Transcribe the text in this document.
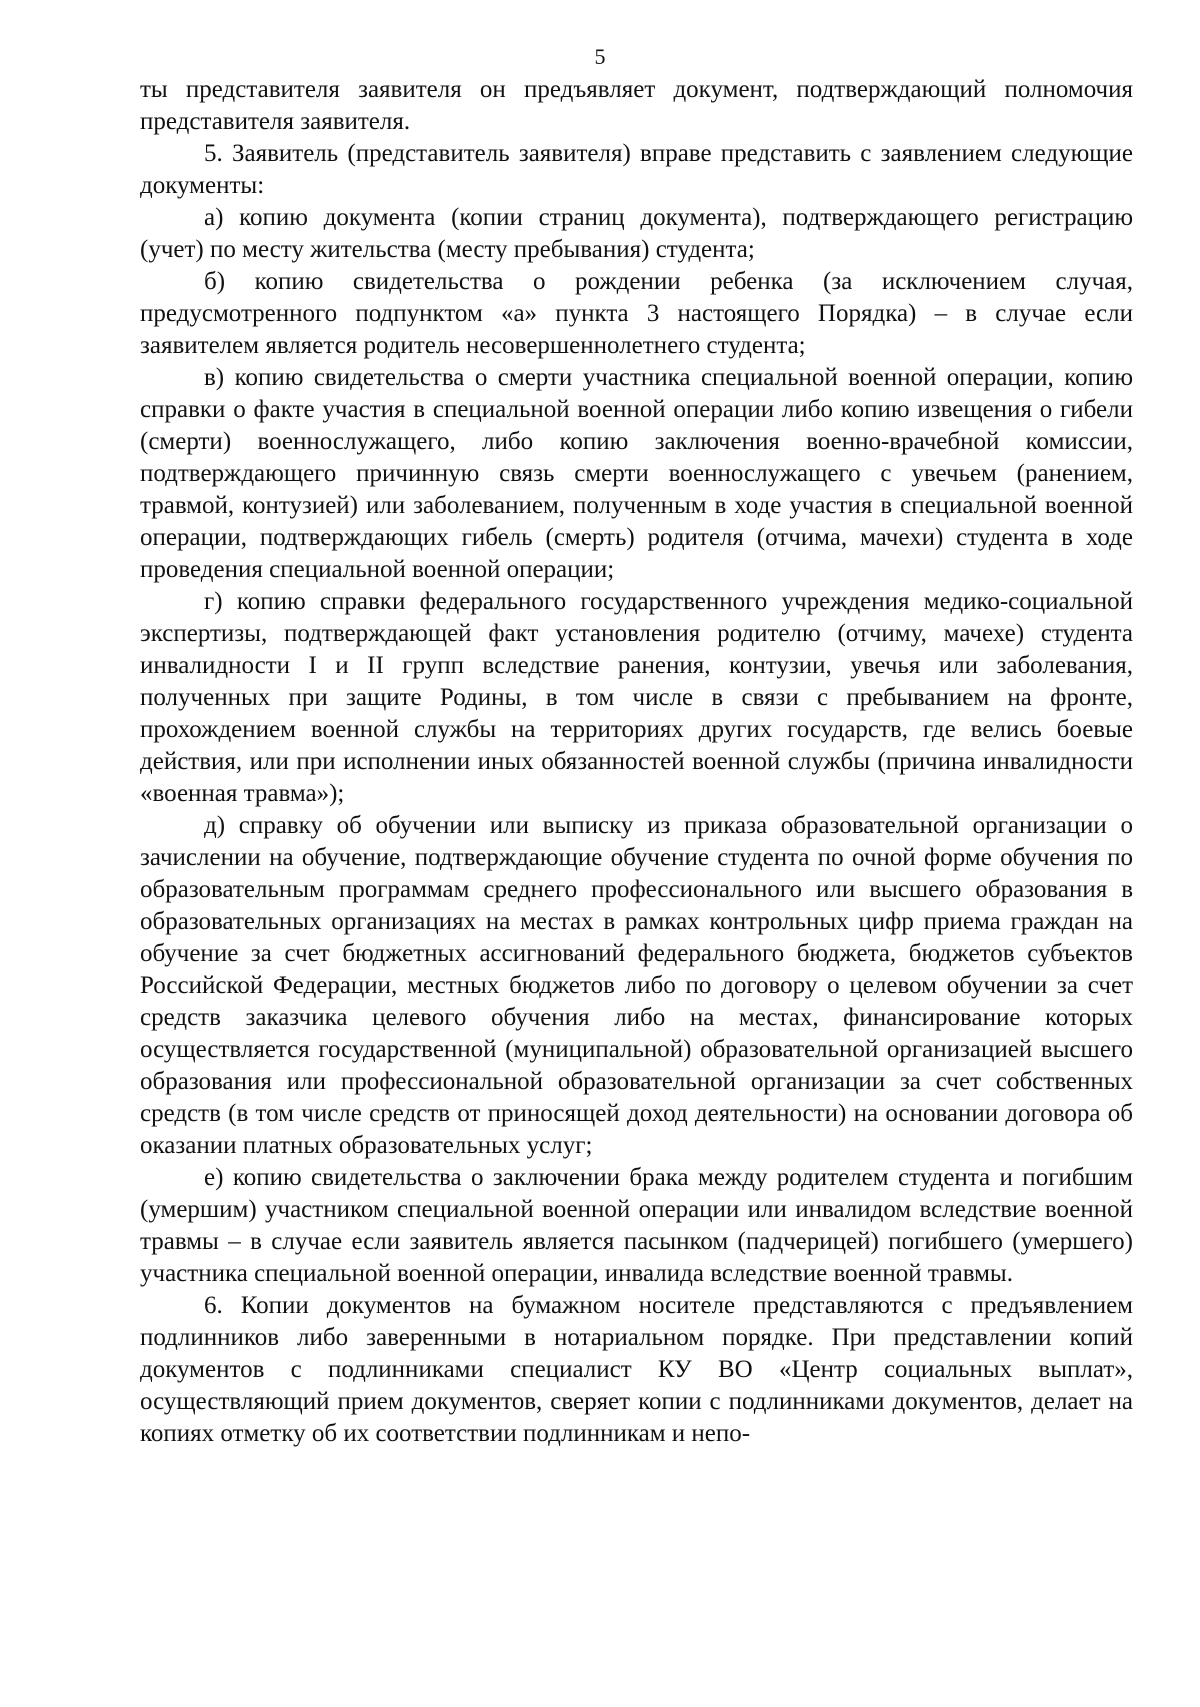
5

ты представителя заявителя он предъявляет документ, подтверждающий полномочия представителя заявителя.

5. Заявитель (представитель заявителя) вправе представить с заявлением следующие документы:

а) копию документа (копии страниц документа), подтверждающего регистрацию (учет) по месту жительства (месту пребывания) студента;

б) копию свидетельства о рождении ребенка (за исключением случая, предусмотренного подпунктом «а» пункта 3 настоящего Порядка) – в случае если заявителем является родитель несовершеннолетнего студента;

в) копию свидетельства о смерти участника специальной военной операции, копию справки о факте участия в специальной военной операции либо копию извещения о гибели (смерти) военнослужащего, либо копию заключения военно-врачебной комиссии, подтверждающего причинную связь смерти военнослужащего с увечьем (ранением, травмой, контузией) или заболеванием, полученным в ходе участия в специальной военной операции, подтверждающих гибель (смерть) родителя (отчима, мачехи) студента в ходе проведения специальной военной операции;

г) копию справки федерального государственного учреждения медико-социальной экспертизы, подтверждающей факт установления родителю (отчиму, мачехе) студента инвалидности I и II групп вследствие ранения, контузии, увечья или заболевания, полученных при защите Родины, в том числе в связи с пребыванием на фронте, прохождением военной службы на территориях других государств, где велись боевые действия, или при исполнении иных обязанностей военной службы (причина инвалидности «военная травма»);

д) справку об обучении или выписку из приказа образовательной организации о зачислении на обучение, подтверждающие обучение студента по очной форме обучения по образовательным программам среднего профессионального или высшего образования в образовательных организациях на местах в рамках контрольных цифр приема граждан на обучение за счет бюджетных ассигнований федерального бюджета, бюджетов субъектов Российской Федерации, местных бюджетов либо по договору о целевом обучении за счет средств заказчика целевого обучения либо на местах, финансирование которых осуществляется государственной (муниципальной) образовательной организацией высшего образования или профессиональной образовательной организации за счет собственных средств (в том числе средств от приносящей доход деятельности) на основании договора об оказании платных образовательных услуг;

е) копию свидетельства о заключении брака между родителем студента и погибшим (умершим) участником специальной военной операции или инвалидом вследствие военной травмы – в случае если заявитель является пасынком (падчерицей) погибшего (умершего) участника специальной военной операции, инвалида вследствие военной травмы.

6. Копии документов на бумажном носителе представляются с предъявлением подлинников либо заверенными в нотариальном порядке. При представлении копий документов с подлинниками специалист КУ ВО «Центр социальных выплат», осуществляющий прием документов, сверяет копии с подлинниками документов, делает на копиях отметку об их соответствии подлинникам и непо-
